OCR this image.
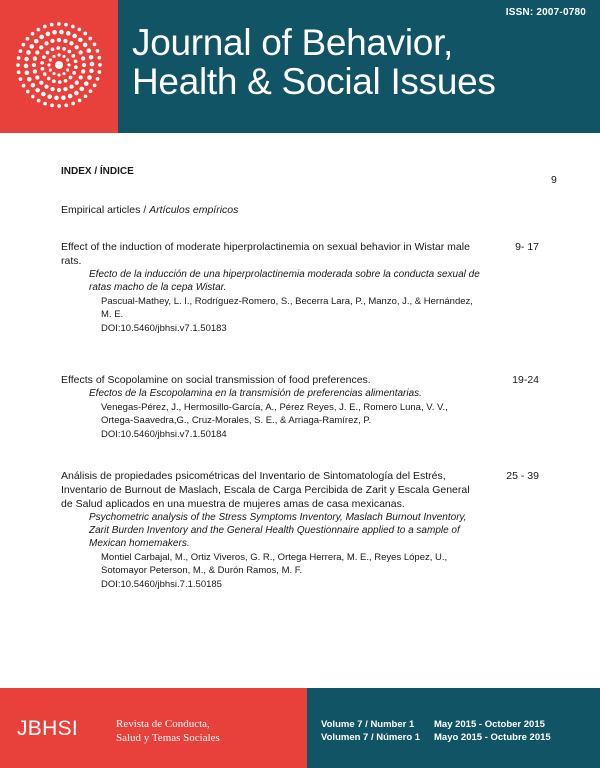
ISSN: 2007-0780
Journal of Behavior,
Health & Social Issues
INDEX / ÍNDICE
9
Empirical articles / Artículos empíricos

Effect of the induction of moderate hiperprolactinemia on sexual behavior in Wistar male rats.

9- 17

Efecto de la inducción de una hiperprolactinemia moderada sobre la conducta sexual de ratas macho de la cepa Wistar.

Pascual-Mathey, L. I., Rodríguez-Romero, S., Becerra Lara, P., Manzo, J., & Hernández, M. E.
DOI:10.5460/jbhsi.v7.1.50183

Effects of Scopolamine on social transmission of food preferences.	19-24

Efectos de la Escopolamina en la transmisión de preferencias alimentarias.

Venegas-Pérez, J., Hermosillo-García, A., Pérez Reyes, J. E., Romero Luna, V. V., Ortega-Saavedra,G., Cruz-Morales, S. E., & Arriaga-Ramírez, P.
DOI:10.5460/jbhsi.v7.1.50184

Análisis de propiedades psicométricas del Inventario de Sintomatología del Estrés, Inventario de Burnout de Maslach, Escala de Carga Percibida de Zarit y Escala General de Salud aplicados en una muestra de mujeres amas de casa mexicanas.

25 - 39

Psychometric analysis of the Stress Symptoms Inventory, Maslach Burnout Inventory, Zarit Burden Inventory and the General Health Questionnaire applied to a sample of Mexican homemakers.

Montiel Carbajal, M., Ortiz Viveros, G. R., Ortega Herrera, M. E., Reyes López, U., Sotomayor Peterson, M., & Durón Ramos, M. F.
DOI:10.5460/jbhsi.7.1.50185
JBHSI	Revista de Conducta,
Salud y Temas Sociales
Volume 7 / Number 1
Volumen 7 / Número 1
May 2015 - October 2015
Mayo 2015 - Octubre 2015
